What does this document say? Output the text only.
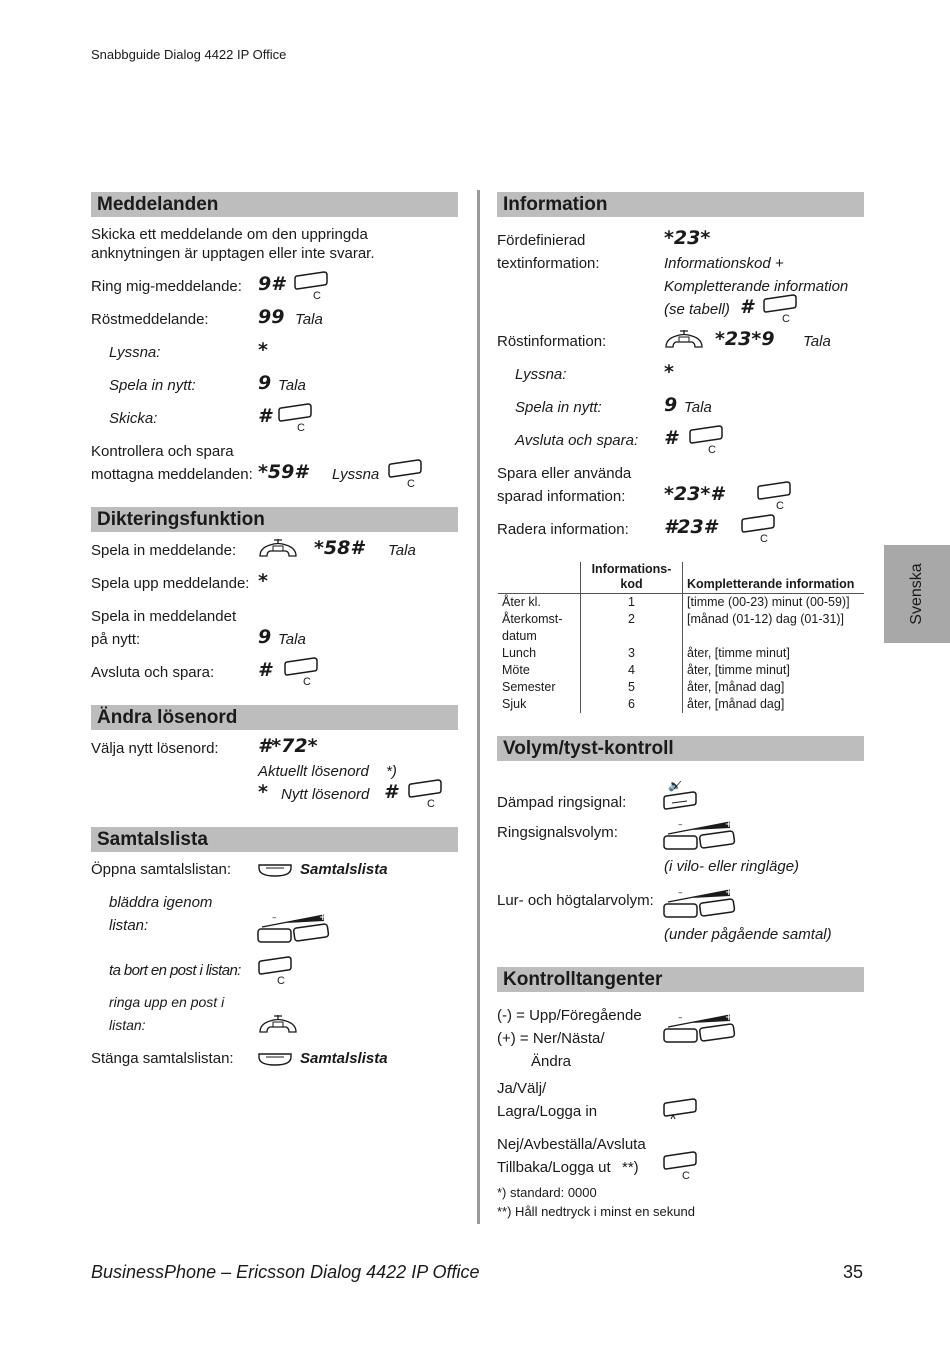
Snabbguide Dialog 4422 IP Office
Meddelanden
Skicka ett meddelande om den uppringda
anknytningen är upptagen eller inte svarar.
Ring mig-meddelande: 9#
Röstmeddelande:	99 Tala
Lyssna:	*
Spela in nytt:	9 Tala
Skicka:	#
Kontrollera och spara
mottagna meddelanden: *59# Lyssna
Dikteringsfunktion
Spela in meddelande:	*58# Tala
Spela upp meddelande: *
Spela in meddelandet
på nytt:	9 Tala
Avsluta och spara: #
Ändra lösenord
Välja nytt lösenord: #*72*
Aktuellt lösenord *)
* Nytt lösenord #
Samtalslista
Öppna samtalslistan:	Samtalslista
bläddra igenom
listan:
ta bort en post i listan:
ringa upp en post i
listan:
Stänga samtalslistan:	Samtalslista
Information
Fördefinierad
textinformation:
*23*
Informationskod +
Kompletterande information
(se tabell) #
Röstinformation:	*23*9 Tala
Lyssna:	*
Spela in nytt:	9 Tala
Avsluta och spara: #
Spara eller använda
sparad information: *23*#
Radera information: #23#
	Informations-kod	Kompletterande information
Åter kl.	1	[timme (00-23) minut (00-59)]
Återkomst-datum	2	[månad (01-12) dag (01-31)]
Lunch	3	åter, [timme minut]
Möte	4	åter, [timme minut]
Semester	5	åter, [månad dag]
Sjuk	6	åter, [månad dag]
Volym/tyst-kontroll
Dämpad ringsignal:
Ringsignalsvolym:
(i vilo- eller ringläge)
Lur- och högtalarvolym:
(under pågående samtal)
Kontrolltangenter
(-) = Upp/Föregående
(+) = Ner/Nästa/
Ändra
Ja/Välj/
Lagra/Logga in
Nej/Avbeställa/Avsluta
Tillbaka/Logga ut **)
*) standard: 0000
**) Håll nedtryck i minst en sekund
Svenska
BusinessPhone – Ericsson Dialog 4422 IP Office	35
